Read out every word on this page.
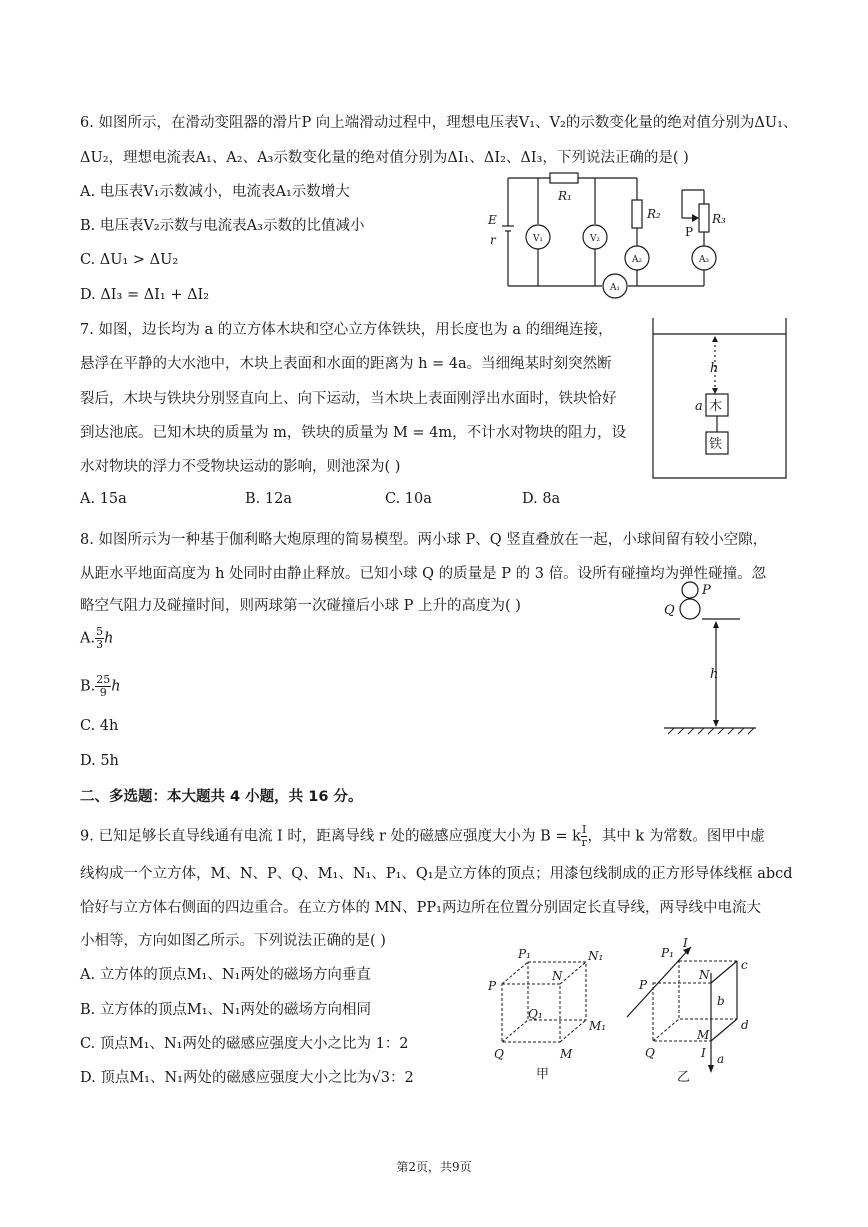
6. 如图所示，在滑动变阻器的滑片P 向上端滑动过程中，理想电压表V₁、V₂的示数变化量的绝对值分别为ΔU₁、
ΔU₂，理想电流表A₁、A₂、A₃示数变化量的绝对值分别为ΔI₁、ΔI₂、ΔI₃，下列说法正确的是( )
A. 电压表V₁示数减小，电流表A₁示数增大
B. 电压表V₂示数与电流表A₃示数的比值减小
C. ΔU₁ > ΔU₂
D. ΔI₃ = ΔI₁ + ΔI₂
E
r
R₁
R₂	R₃
P
V₁	V₂
A₂	A₃
A₁
7. 如图，边长均为 a 的立方体木块和空心立方体铁块，用长度也为 a 的细绳连接，
悬浮在平静的大水池中，木块上表面和水面的距离为 h = 4a。当细绳某时刻突然断
裂后，木块与铁块分别竖直向上、向下运动，当木块上表面刚浮出水面时，铁块恰好
到达池底。已知木块的质量为 m，铁块的质量为 M = 4m，不计水对物块的阻力，设
水对物块的浮力不受物块运动的影响，则池深为( )
A. 15a	B. 12a	C. 10a	D. 8a
h
a 木
铁
8. 如图所示为一种基于伽利略大炮原理的简易模型。两小球 P、Q 竖直叠放在一起，小球间留有较小空隙，
从距水平地面高度为 h 处同时由静止释放。已知小球 Q 的质量是 P 的 3 倍。设所有碰撞均为弹性碰撞。忽
略空气阻力及碰撞时间，则两球第一次碰撞后小球 P 上升的高度为( )
A. $\frac{5}{3}$ h
B. $\frac{25}{9}$ h
C. 4h
D. 5h
P
Q
h
二、多选题：本大题共 4 小题，共 16 分。
9. 已知足够长直导线通有电流 I 时，距离导线 r 处的磁感应强度大小为 B = k $\frac{I}{r}$ ，其中 k 为常数。图甲中虚
线构成一个立方体，M、N、P、Q、M₁、N₁、P₁、Q₁是立方体的顶点；用漆包线制成的正方形导体线框 abcd
恰好与立方体右侧面的四边重合。在立方体的 MN、PP₁两边所在位置分别固定长直导线，两导线中电流大
小相等，方向如图乙所示。下列说法正确的是( )
A. 立方体的顶点M₁、N₁两处的磁场方向垂直
B. 立方体的顶点M₁、N₁两处的磁场方向相同
C. 顶点M₁、N₁两处的磁感应强度大小之比为 1：2
D. 顶点M₁、N₁两处的磁感应强度大小之比为√3：2
P₁	N₁
N
P
Q₁
M₁
Q	M
甲
P₁
I
P
N
c
b
d
M
Q	I a
乙
第2页，共9页
